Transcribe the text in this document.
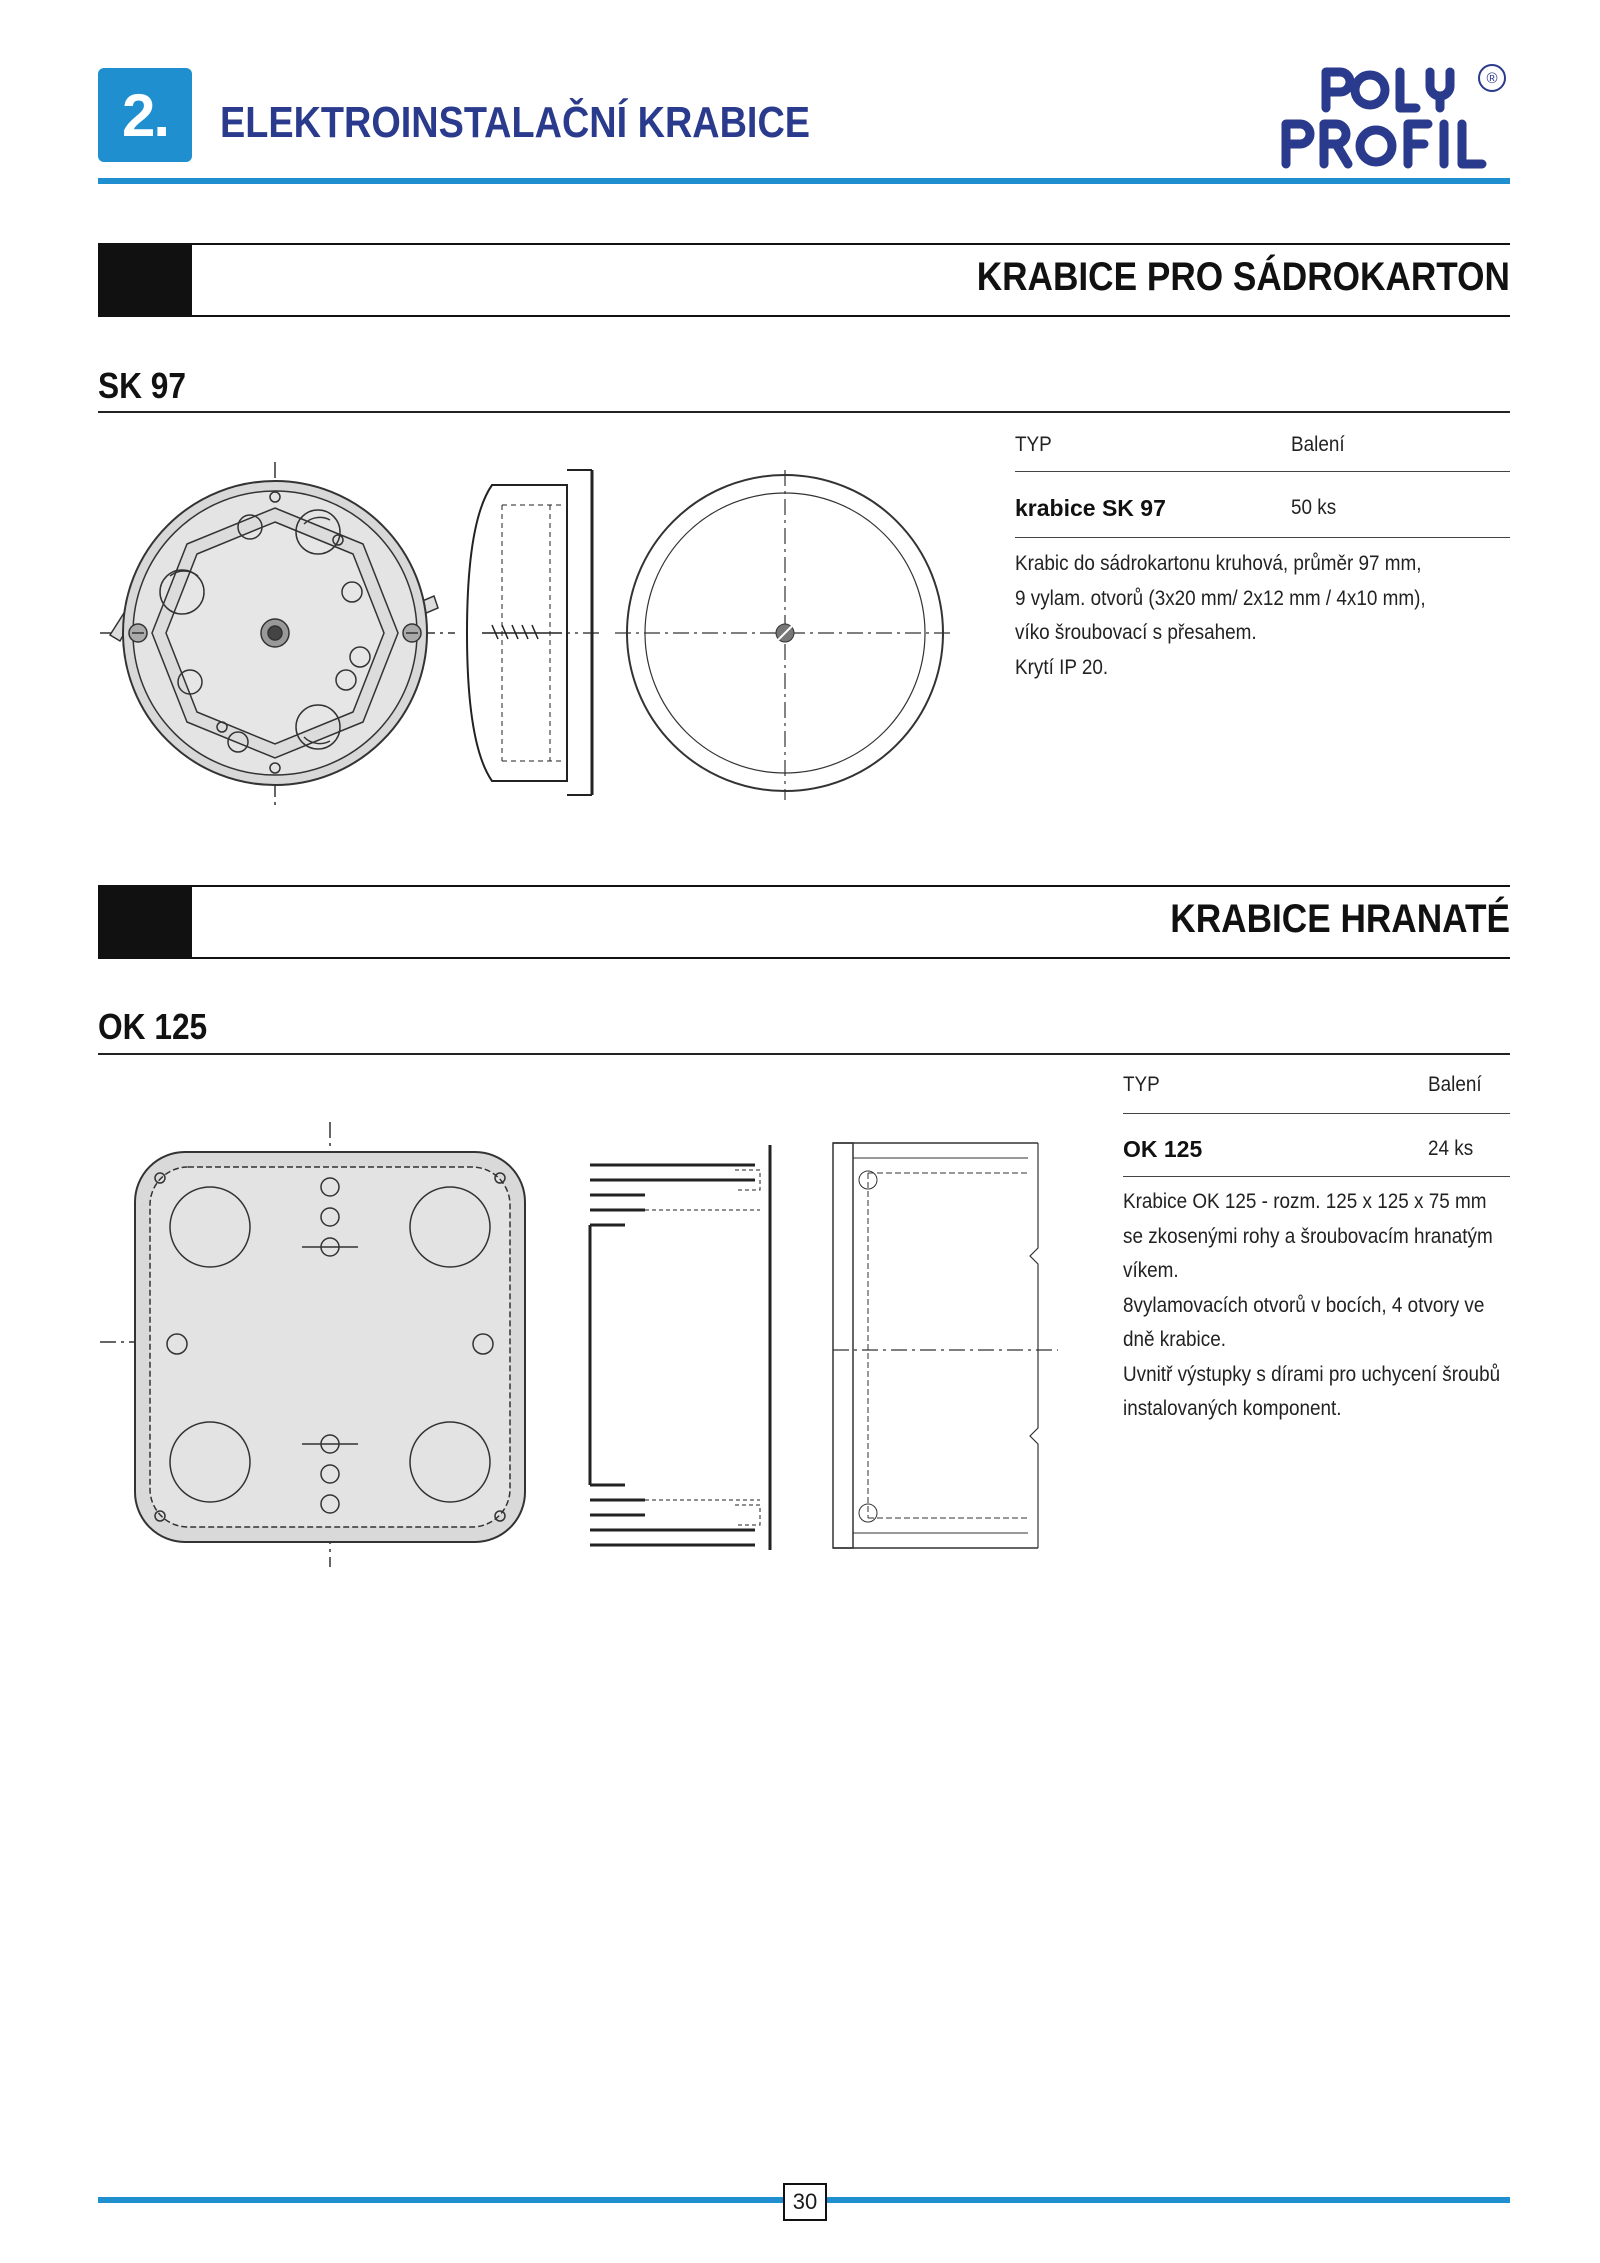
2.	ELEKTROINSTALAČNÍ KRABICE
®
KRABICE PRO SÁDROKARTON
SK 97
TYP	Balení
krabice SK 97	50 ks
Krabic do sádrokartonu kruhová, průměr 97 mm,
9 vylam. otvorů (3x20 mm/ 2x12 mm / 4x10 mm),
víko šroubovací s přesahem.
Krytí IP 20.
KRABICE HRANATÉ
OK 125
TYP	Balení
OK 125	24 ks
Krabice OK 125 - rozm. 125 x 125 x 75 mm
se zkosenými rohy a šroubovacím hranatým
víkem.
8vylamovacích otvorů v bocích, 4 otvory ve
dně krabice.
Uvnitř výstupky s dírami pro uchycení šroubů
instalovaných komponent.
30
